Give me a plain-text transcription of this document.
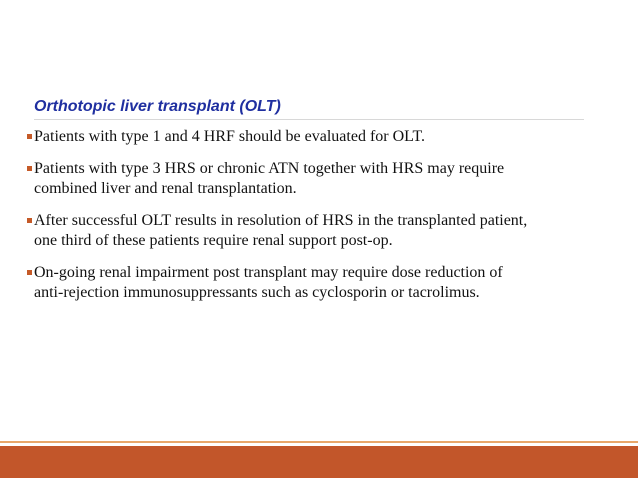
Orthotopic liver transplant (OLT)
Patients with type 1 and 4 HRF should be evaluated for OLT.
Patients with type 3 HRS or chronic ATN together with HRS may require
combined liver and renal transplantation.
After successful OLT results in resolution of HRS in the transplanted patient,
one third of these patients require renal support post-op.
On-going renal impairment post transplant may require dose reduction of
anti-rejection immunosuppressants such as cyclosporin or tacrolimus.
